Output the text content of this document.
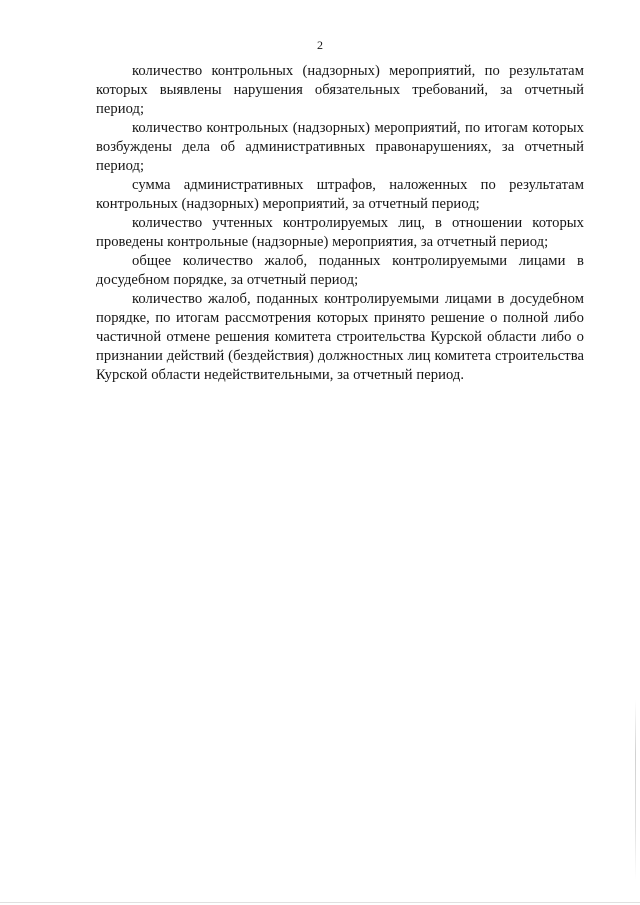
2

количество контрольных (надзорных) мероприятий, по результатам которых выявлены нарушения обязательных требований, за отчетный период;

количество контрольных (надзорных) мероприятий, по итогам которых возбуждены дела об административных правонарушениях, за отчетный период;

сумма административных штрафов, наложенных по результатам контрольных (надзорных) мероприятий, за отчетный период;

количество учтенных контролируемых лиц, в отношении которых проведены контрольные (надзорные) мероприятия, за отчетный период;

общее количество жалоб, поданных контролируемыми лицами в досудебном порядке, за отчетный период;

количество жалоб, поданных контролируемыми лицами в досудебном порядке, по итогам рассмотрения которых принято решение о полной либо частичной отмене решения комитета строительства Курской области либо о признании действий (бездействия) должностных лиц комитета строительства Курской области недействительными, за отчетный период.
